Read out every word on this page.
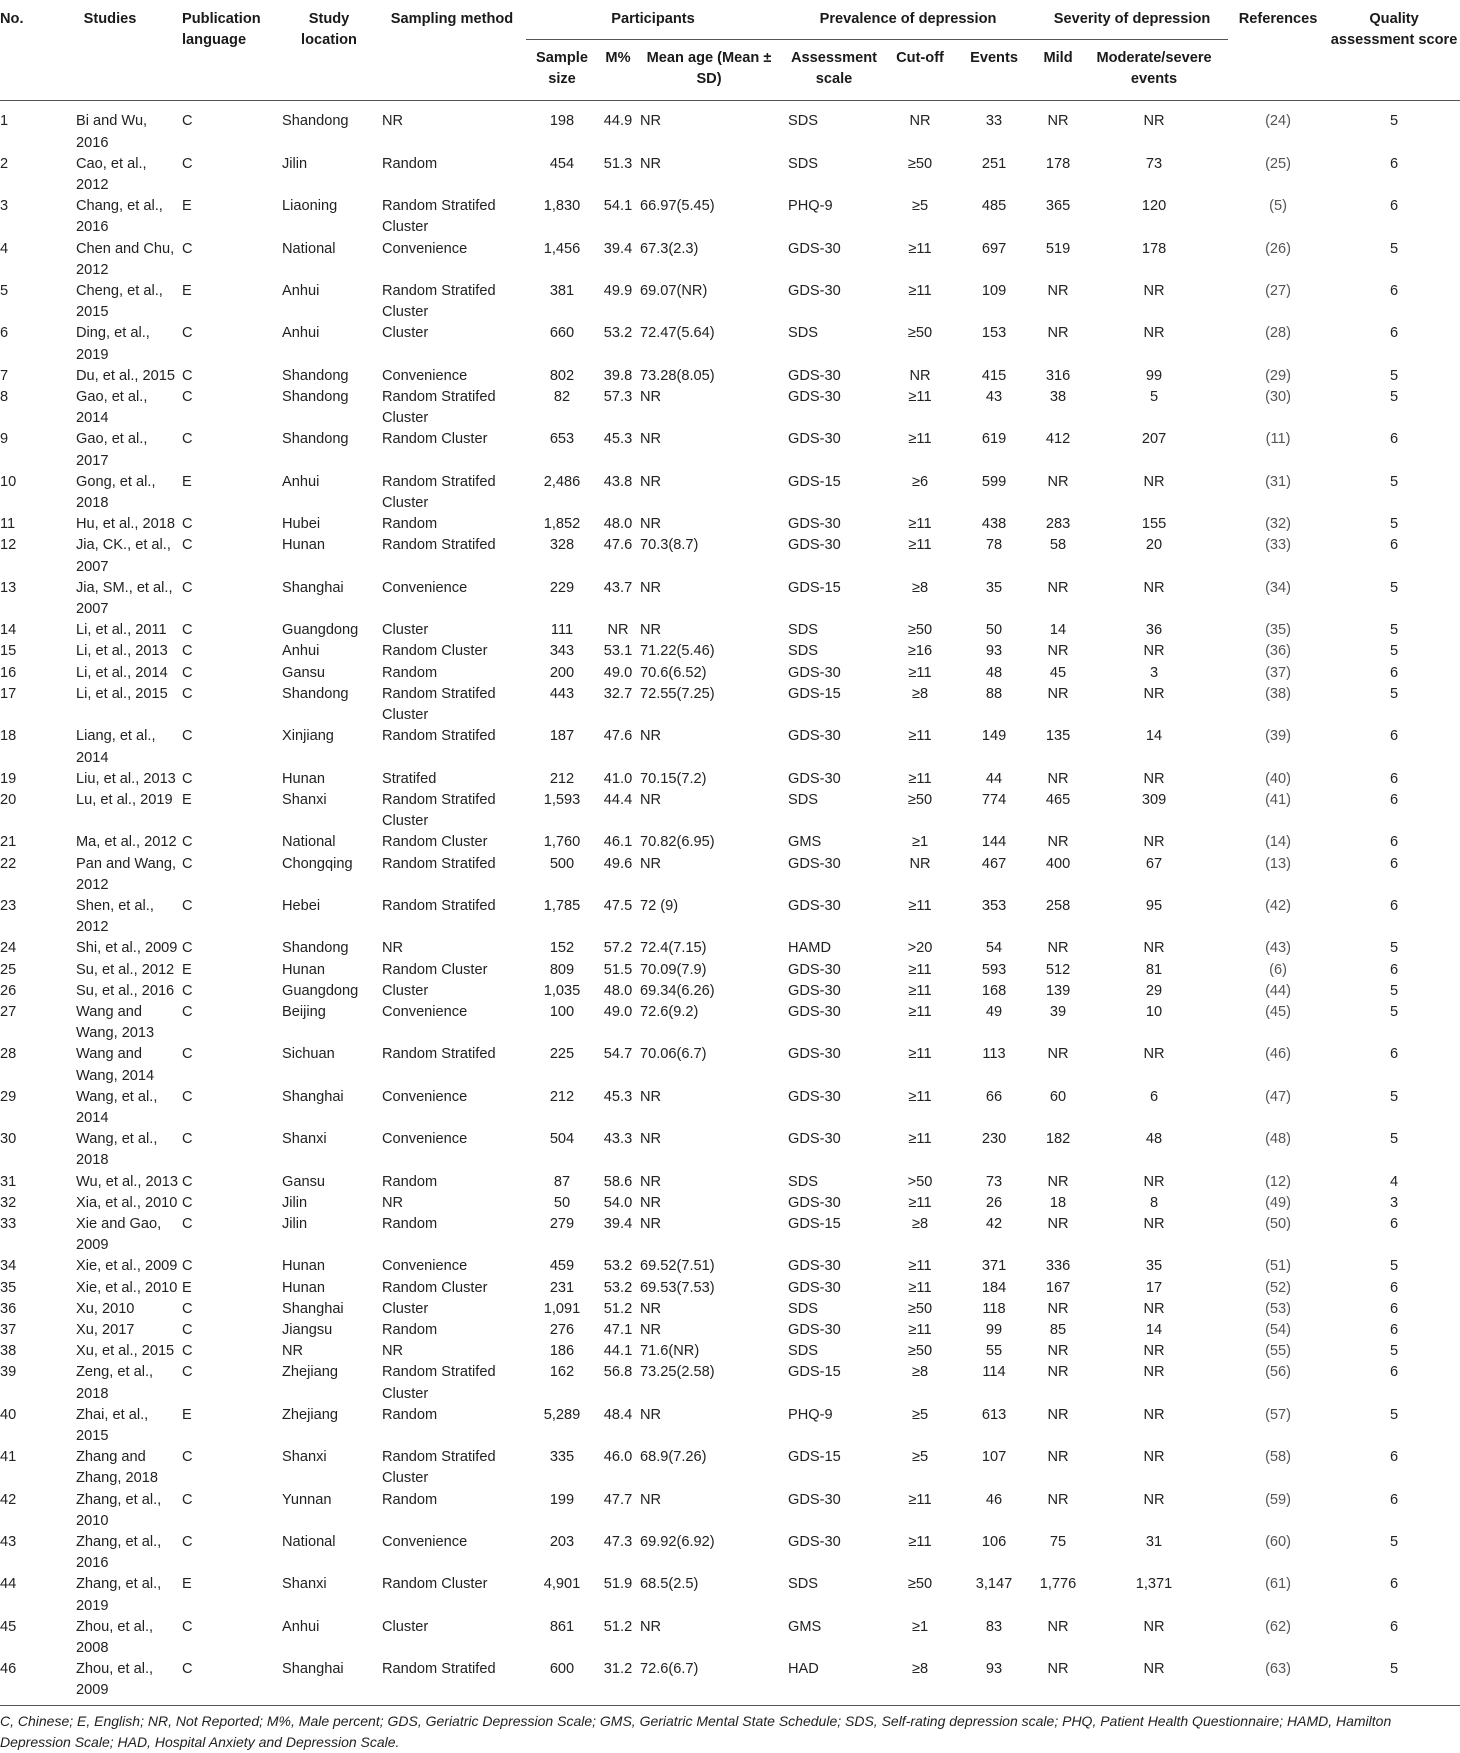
No.	Studies	Publication language	Study location	Sampling method	Participants			Prevalence of depression			Severity of depression		References	Quality assessment score
					Sample size	M%	Mean age (Mean ± SD)	Assessment scale	Cut-off	Events	Mild	Moderate/severe events		
1	Bi and Wu, 2016	C	Shandong	NR	198	44.9	NR	SDS	NR	33	NR	NR	(24)	5
2	Cao, et al., 2012	C	Jilin	Random	454	51.3	NR	SDS	≥50	251	178	73	(25)	6
3	Chang, et al., 2016	E	Liaoning	Random Stratifed Cluster	1,830	54.1	66.97(5.45)	PHQ-9	≥5	485	365	120	(5)	6
4	Chen and Chu, 2012	C	National	Convenience	1,456	39.4	67.3(2.3)	GDS-30	≥11	697	519	178	(26)	5
5	Cheng, et al., 2015	E	Anhui	Random Stratifed Cluster	381	49.9	69.07(NR)	GDS-30	≥11	109	NR	NR	(27)	6
6	Ding, et al., 2019	C	Anhui	Cluster	660	53.2	72.47(5.64)	SDS	≥50	153	NR	NR	(28)	6
7	Du, et al., 2015	C	Shandong	Convenience	802	39.8	73.28(8.05)	GDS-30	NR	415	316	99	(29)	5
8	Gao, et al., 2014	C	Shandong	Random Stratifed Cluster	82	57.3	NR	GDS-30	≥11	43	38	5	(30)	5
9	Gao, et al., 2017	C	Shandong	Random Cluster	653	45.3	NR	GDS-30	≥11	619	412	207	(11)	6
10	Gong, et al., 2018	E	Anhui	Random Stratifed Cluster	2,486	43.8	NR	GDS-15	≥6	599	NR	NR	(31)	5
11	Hu, et al., 2018	C	Hubei	Random	1,852	48.0	NR	GDS-30	≥11	438	283	155	(32)	5
12	Jia, CK., et al., 2007	C	Hunan	Random Stratifed	328	47.6	70.3(8.7)	GDS-30	≥11	78	58	20	(33)	6
13	Jia, SM., et al., 2007	C	Shanghai	Convenience	229	43.7	NR	GDS-15	≥8	35	NR	NR	(34)	5
14	Li, et al., 2011	C	Guangdong	Cluster	111	NR	NR	SDS	≥50	50	14	36	(35)	5
15	Li, et al., 2013	C	Anhui	Random Cluster	343	53.1	71.22(5.46)	SDS	≥16	93	NR	NR	(36)	5
16	Li, et al., 2014	C	Gansu	Random	200	49.0	70.6(6.52)	GDS-30	≥11	48	45	3	(37)	6
17	Li, et al., 2015	C	Shandong	Random Stratifed Cluster	443	32.7	72.55(7.25)	GDS-15	≥8	88	NR	NR	(38)	5
18	Liang, et al., 2014	C	Xinjiang	Random Stratifed	187	47.6	NR	GDS-30	≥11	149	135	14	(39)	6
19	Liu, et al., 2013	C	Hunan	Stratifed	212	41.0	70.15(7.2)	GDS-30	≥11	44	NR	NR	(40)	6
20	Lu, et al., 2019	E	Shanxi	Random Stratifed Cluster	1,593	44.4	NR	SDS	≥50	774	465	309	(41)	6
21	Ma, et al., 2012	C	National	Random Cluster	1,760	46.1	70.82(6.95)	GMS	≥1	144	NR	NR	(14)	6
22	Pan and Wang, 2012	C	Chongqing	Random Stratifed	500	49.6	NR	GDS-30	NR	467	400	67	(13)	6
23	Shen, et al., 2012	C	Hebei	Random Stratifed	1,785	47.5	72 (9)	GDS-30	≥11	353	258	95	(42)	6
24	Shi, et al., 2009	C	Shandong	NR	152	57.2	72.4(7.15)	HAMD	>20	54	NR	NR	(43)	5
25	Su, et al., 2012	E	Hunan	Random Cluster	809	51.5	70.09(7.9)	GDS-30	≥11	593	512	81	(6)	6
26	Su, et al., 2016	C	Guangdong	Cluster	1,035	48.0	69.34(6.26)	GDS-30	≥11	168	139	29	(44)	5
27	Wang and Wang, 2013	C	Beijing	Convenience	100	49.0	72.6(9.2)	GDS-30	≥11	49	39	10	(45)	5
28	Wang and Wang, 2014	C	Sichuan	Random Stratifed	225	54.7	70.06(6.7)	GDS-30	≥11	113	NR	NR	(46)	6
29	Wang, et al., 2014	C	Shanghai	Convenience	212	45.3	NR	GDS-30	≥11	66	60	6	(47)	5
30	Wang, et al., 2018	C	Shanxi	Convenience	504	43.3	NR	GDS-30	≥11	230	182	48	(48)	5
31	Wu, et al., 2013	C	Gansu	Random	87	58.6	NR	SDS	>50	73	NR	NR	(12)	4
32	Xia, et al., 2010	C	Jilin	NR	50	54.0	NR	GDS-30	≥11	26	18	8	(49)	3
33	Xie and Gao, 2009	C	Jilin	Random	279	39.4	NR	GDS-15	≥8	42	NR	NR	(50)	6
34	Xie, et al., 2009	C	Hunan	Convenience	459	53.2	69.52(7.51)	GDS-30	≥11	371	336	35	(51)	5
35	Xie, et al., 2010	E	Hunan	Random Cluster	231	53.2	69.53(7.53)	GDS-30	≥11	184	167	17	(52)	6
36	Xu, 2010	C	Shanghai	Cluster	1,091	51.2	NR	SDS	≥50	118	NR	NR	(53)	6
37	Xu, 2017	C	Jiangsu	Random	276	47.1	NR	GDS-30	≥11	99	85	14	(54)	6
38	Xu, et al., 2015	C	NR	NR	186	44.1	71.6(NR)	SDS	≥50	55	NR	NR	(55)	5
39	Zeng, et al., 2018	C	Zhejiang	Random Stratifed Cluster	162	56.8	73.25(2.58)	GDS-15	≥8	114	NR	NR	(56)	6
40	Zhai, et al., 2015	E	Zhejiang	Random	5,289	48.4	NR	PHQ-9	≥5	613	NR	NR	(57)	5
41	Zhang and Zhang, 2018	C	Shanxi	Random Stratifed Cluster	335	46.0	68.9(7.26)	GDS-15	≥5	107	NR	NR	(58)	6
42	Zhang, et al., 2010	C	Yunnan	Random	199	47.7	NR	GDS-30	≥11	46	NR	NR	(59)	6
43	Zhang, et al., 2016	C	National	Convenience	203	47.3	69.92(6.92)	GDS-30	≥11	106	75	31	(60)	5
44	Zhang, et al., 2019	E	Shanxi	Random Cluster	4,901	51.9	68.5(2.5)	SDS	≥50	3,147	1,776	1,371	(61)	6
45	Zhou, et al., 2008	C	Anhui	Cluster	861	51.2	NR	GMS	≥1	83	NR	NR	(62)	6
46	Zhou, et al., 2009	C	Shanghai	Random Stratifed	600	31.2	72.6(6.7)	HAD	≥8	93	NR	NR	(63)	5
C, Chinese; E, English; NR, Not Reported; M%, Male percent; GDS, Geriatric Depression Scale; GMS, Geriatric Mental State Schedule; SDS, Self-rating depression scale; PHQ, Patient Health Questionnaire; HAMD, Hamilton Depression Scale; HAD, Hospital Anxiety and Depression Scale.
